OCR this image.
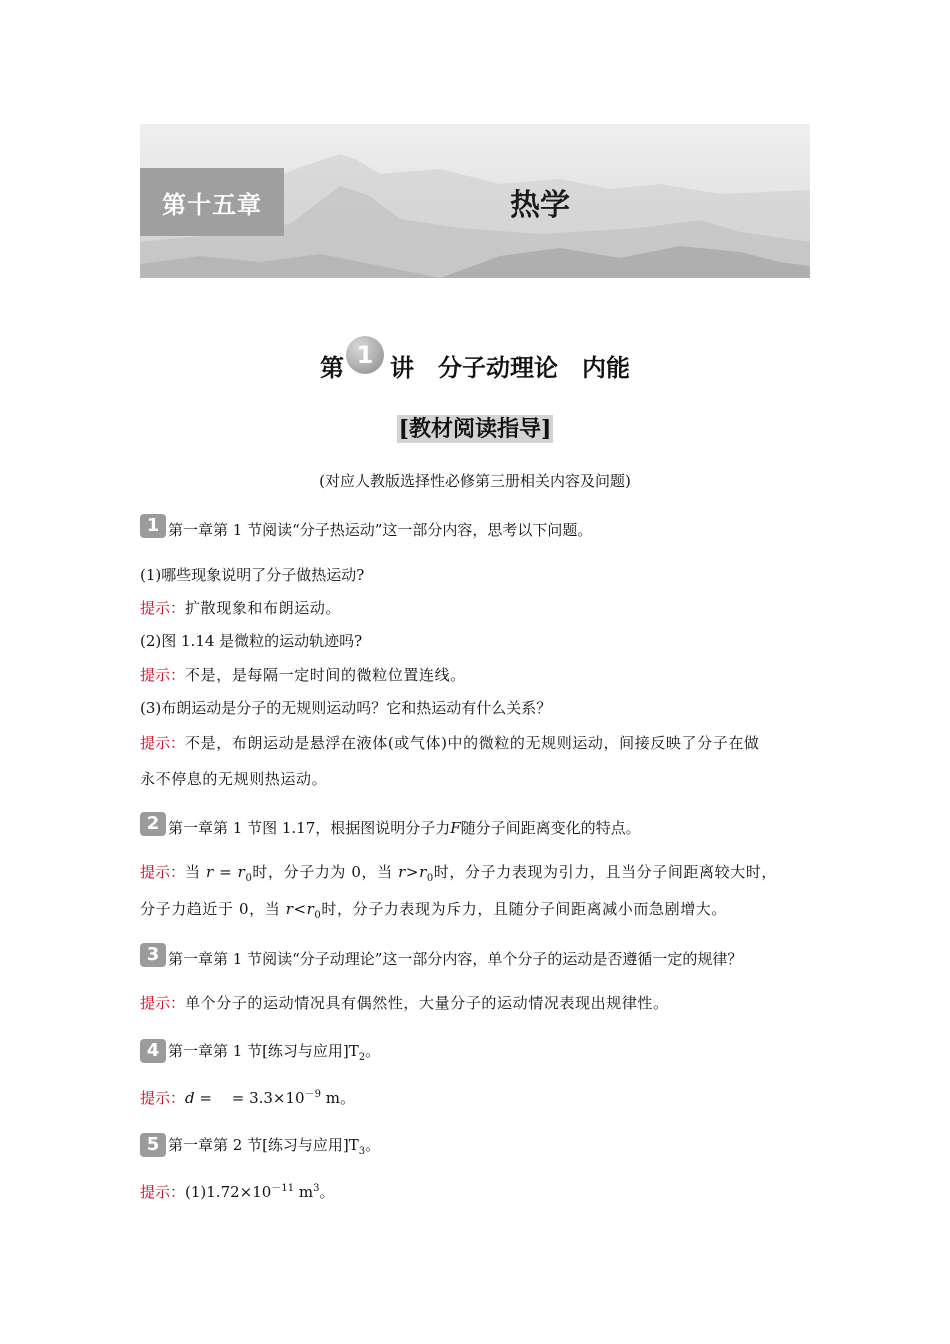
第十五章	热学
第 1 讲　分子动理论　内能
[教材阅读指导]
(对应人教版选择性必修第三册相关内容及问题)
1 第一章第 1 节阅读“分子热运动”这一部分内容，思考以下问题。
(1)哪些现象说明了分子做热运动?
提示：扩散现象和布朗运动。
(2)图 1.14 是微粒的运动轨迹吗?
提示：不是，是每隔一定时间的微粒位置连线。
(3)布朗运动是分子的无规则运动吗？它和热运动有什么关系？
提示：不是，布朗运动是悬浮在液体(或气体)中的微粒的无规则运动，间接反映了分子在做
永不停息的无规则热运动。
2 第一章第 1 节图 1.17，根据图说明分子力F随分子间距离变化的特点。
提示：当 $r = r_0$时，分子力为 0，当 $r>r_0$时，分子力表现为引力，且当分子间距离较大时，
分子力趋近于 0，当 $r<r_0$时，分子力表现为斥力，且随分子间距离减小而急剧增大。
3 第一章第 1 节阅读“分子动理论”这一部分内容，单个分子的运动是否遵循一定的规律？
提示：单个分子的运动情况具有偶然性，大量分子的运动情况表现出规律性。
4 第一章第 1 节[练习与应用]$T_2$。
提示：d =　 = $3.3\times 10^{-9}$ m。
5 第一章第 2 节[练习与应用]$T_3$。
提示：$(1)1.72\times 10^{-11}$ $m^3$。
